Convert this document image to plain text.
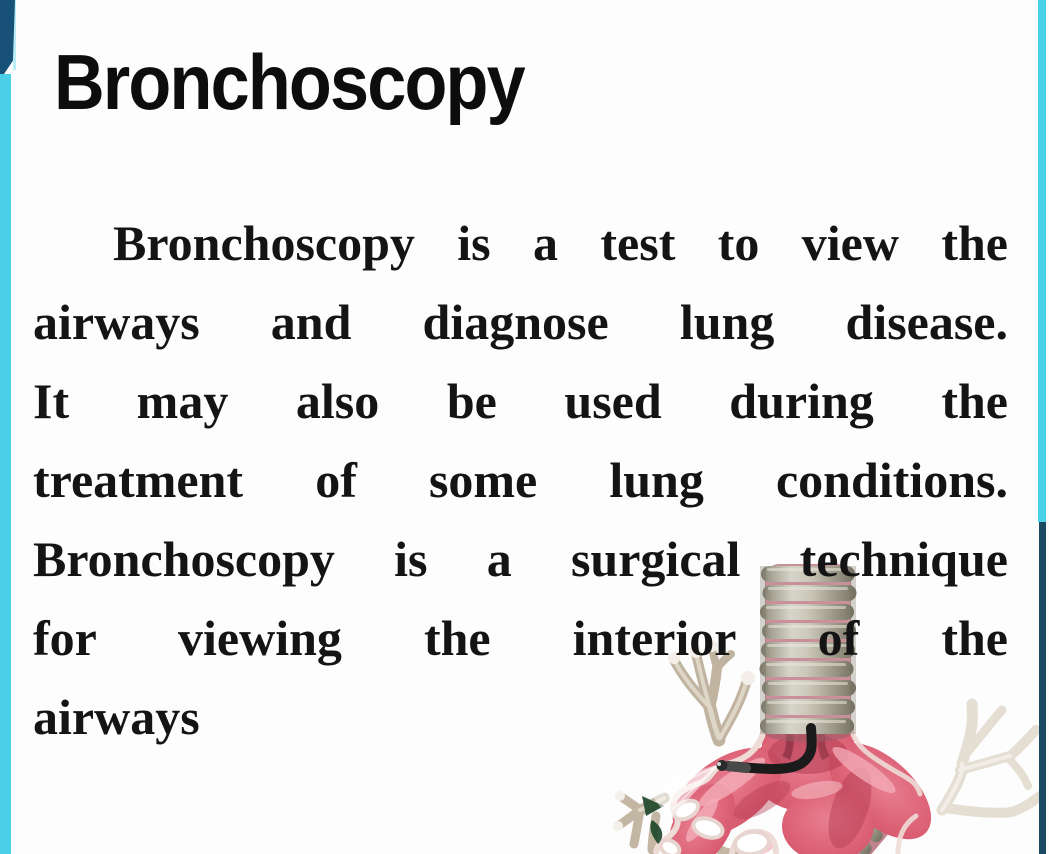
Bronchoscopy
Bronchoscopy is a test to view the
airways and diagnose lung disease.
It may also be used during the
treatment of some lung conditions.
Bronchoscopy is a surgical technique
for viewing the interior of the
airways
